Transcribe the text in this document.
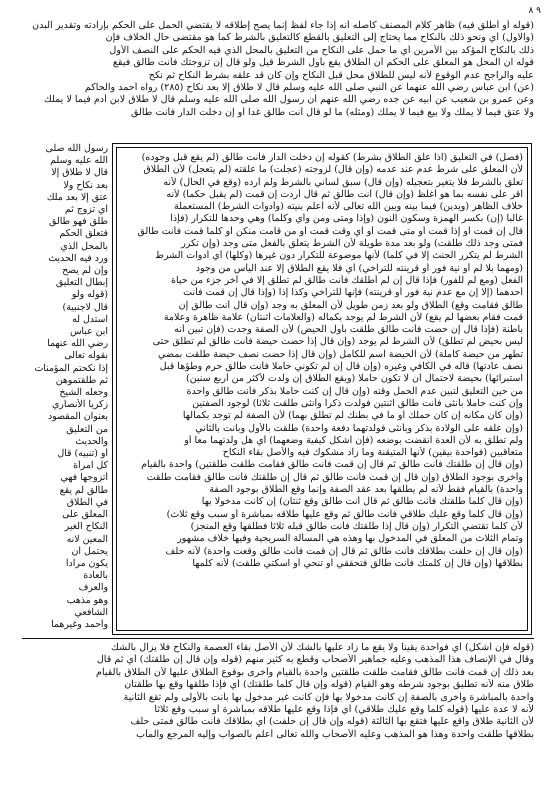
٩ ٨
(قوله أو أطلق فيه) ظاهر كلام المصنف كأصله أنه إذا جاء لفظ إنما يصح إطلاقه لا يقتضي الحمل على الحكم بإرادته وتقدير البدن
(والاول) أي ونحو ذلك بالنكاح مما يحتاج إلى التعليق بالقطع كالتعليق بالشرط كما هو مقتضى حال الخلاف فإن
ذلك بالنكاح المؤكد بين الأمرين أي ما حمل على النكاح من التعليق بالمحل الذي فيه الحكم على النصف الأول
قوله ان المحل هو المعلق على الحكم أن الطلاق يقع بأول الشرط قيل ولو قال إن تزوجتك فأنت طالق فيقع
عليه والراجح عدم الوقوع لأنه ليس للطلاق محل قبل النكاح وإن كان قد علقه بشرط النكاح ثم نكح
(عن) ابن عباس رضي الله عنهما عن النبي صلى الله عليه وسلم قال لا طلاق إلا بعد نكاح (٢٨٥) رواه أحمد والحاكم
وعن عمرو بن شعيب عن أبيه عن جده رضي الله عنهم أن رسول الله صلى الله عليه وسلم قال لا طلاق لابن آدم فيما لا يملك
ولا عتق فيما لا يملك ولا بيع فيما لا يملك (ومثله) ما لو قال أنت طالق غدا أو إن دخلت الدار فأنت طالق
رسول الله صلى
الله عليه وسلم
قال لا طلاق إلا
بعد نكاح ولا
عتق إلا بعد ملك
أي تزوج ثم
طلق فهو طالق
فتعلق الحكم
بالمحل الذي
ورد فيه الحديث
وإن لم يصح
إبطال التعليق
(قوله ولو
قال لاجنبية)
استدل له
ابن عباس
رضي الله عنهما
بقوله تعالى
إذا نكحتم المؤمنات
ثم طلقتموهن
وجعله الشيخ
زكريا الأنصاري
بعنوان المقصود
من التعليق
والحديث
أو (تنبيه) قال
كل امرأة
أتزوجها فهي
طالق لم يقع
في الطلاق
المعلق على
النكاح الغير
المعين لانه
يحتمل أن
يكون مرادا
بالعادة
والعرف
وهو مذهب
الشافعي
وأحمد وغيرهما
(فصل) في التعليق (اذا علق الطلاق بشرط) كقوله إن دخلت الدار فأنت طالق (لم يقع قبل وجوده)
لأن المعلق على شرط عدم عند عدمه (وإن قال) لزوجته (عجلت) ما علقته (لم يتعجل) لأن الطلاق
تعلق بالشرط فلا يتغير بتعجيله (وإن قال) سبق لساني بالشرط ولم أرده (وقع في الحال) لأنه
أقر على نفسه بما هو أغلظ (وإن قال) أنت طالق ثم قال أردت إن قمت (لم يقبل حكما) لأنه
خلاف الظاهر (ويدين) فيما بينه وبين الله تعالى لأنه أعلم بنيته (وأدوات الشرط) المستعملة
غالبا (إن) بكسر الهمزة وسكون النون (وإذا ومتى ومن وأي وكلما) وهي وحدها للتكرار (فإذا
قال إن قمت أو إذا قمت أو متى قمت أو أي وقت قمت أو من قامت منكن أو كلما قمت فأنت طالق
فمتى وجد ذلك طلقت) ولو بعد مدة طويلة لأن الشرط يتعلق بالفعل متى وجد (وإن تكرر
الشرط لم يتكرر الحنث إلا في كلما) لأنها موضوعة للتكرار دون غيرها (وكلها) أي أدوات الشرط
(ومهما بلا لم أو نية فور أو قرينته للتراخي) أي فلا يقع الطلاق إلا عند اليأس من وجود
الفعل (ومع لم للفور) فإذا قال إن لم أطلقك فأنت طالق لم تطلق إلا في آخر جزء من حياة
أحدهما (إلا إن مع عدم نية فور أو قرينته) فإنها للتراخي وكذا إذا (وإذا قال إن قمت فأنت
طالق فقامت وقع) الطلاق ولو بعد زمن طويل لأن المعلق به وجد (وإن قال أنت طالق إن
قمت فقام بعضها لم يقع) لأن الشرط لم يوجد بكماله (والعلامات اثنتان) علامة ظاهرة وعلامة
باطنة (فإذا قال إن حضت فأنت طالق طلقت بأول الحيض) لأن الصفة وجدت (فإن تبين أنه
ليس بحيض لم تطلق) لأن الشرط لم يوجد (وإن قال إذا حضت حيضة فأنت طالق لم تطلق حتى
تطهر من حيضة كاملة) لأن الحيضة اسم للكامل (وإن قال إذا حضت نصف حيضة طلقت بمضي
نصف عادتها) قاله في الكافي وغيره (وإن قال إن لم تكوني حاملا فأنت طالق حرم وطؤها قبل
استبرائها) بحيضة لاحتمال أن لا تكون حاملا (ويقع الطلاق إن ولدت لأكثر من أربع سنين)
من حين التعليق لتبين عدم الحمل وقته (وإن قال إن كنت حاملا بذكر فأنت طالق واحدة
وإن كنت حاملا بأنثى فأنت طالق اثنتين فولدت ذكرا وأنثى طلقت ثلاثا) لوجود الصفتين
(وإن كان مكانه إن كان حملك أو ما في بطنك لم تطلق بهما) لأن الصفة لم توجد بكمالها
(وإن علقه على الولادة بذكر وبأنثى فولدتهما دفعة واحدة) طلقت بالأول وبانت بالثاني
ولم تطلق به لأن العدة انقضت بوضعه (فإن أشكل كيفية وضعهما) أي هل ولدتهما معا أو
متعاقبين (فواحدة بيقين) لأنها المتيقنة وما زاد مشكوك فيه والأصل بقاء النكاح
(وإن قال إن طلقتك فأنت طالق ثم قال إن قمت فأنت طالق فقامت طلقت طلقتين) واحدة بالقيام
وأخرى بوجود الطلاق (وإن قال إن قمت فأنت طالق ثم قال إن طلقتك فأنت طالق فقامت طلقت
واحدة) بالقيام فقط لأنه لم يطلقها بعد عقد الصفة وإنما وقع الطلاق بوجود الصفة
(وإن قال كلما طلقتك فأنت طالق ثم قال أنت طالق وقع ثنتان) إن كانت مدخولا بها
(وإن قال كلما وقع عليك طلاقي فأنت طالق ثم وقع عليها طلاقه بمباشرة أو سبب وقع ثلاث)
لأن كلما تقتضي التكرار (وإن قال إذا طلقتك فأنت طالق قبله ثلاثا فطلقها وقع المنجز)
وتمام الثلاث من المعلق في المدخول بها وهذه هي المسألة السريجية وفيها خلاف مشهور
(وإن قال إن حلفت بطلاقك فأنت طالق ثم قال إن قمت فأنت طالق وقعت واحدة) لأنه حلف
بطلاقها (وإن قال إن كلمتك فأنت طالق فتحققي أو تنحي أو اسكتي طلقت) لأنه كلمها
(قوله فإن أشكل) أي فواحدة يقينا ولا يقع ما زاد عليها بالشك لأن الأصل بقاء العصمة والنكاح فلا يزال بالشك
وقال في الإنصاف هذا المذهب وعليه جماهير الأصحاب وقطع به كثير منهم (قوله وإن قال إن طلقتك) أي ثم قال
بعد ذلك إن قمت فأنت طالق فقامت طلقت طلقتين واحدة بالقيام وأخرى بوقوع الطلاق عليها لأن الطلاق بالقيام
طلاق منه لأنه تطليق بوجود شرطه وهو القيام (قوله وإن قال كلما طلقتك) أي فإذا طلقها وقع بها طلقتان
واحدة بالمباشرة وأخرى بالصفة إن كانت مدخولا بها فإن كانت غير مدخول بها بانت بالأولى ولم تقع الثانية
لأنه لا عدة عليها (قوله كلما وقع عليك طلاقي) أي فإذا وقع عليها طلاقه بمباشرة أو سبب وقع ثلاثا
لأن الثانية طلاق واقع عليها فتقع بها الثالثة (قوله وإن قال إن حلفت) أي بطلاقك فأنت طالق فمتى حلف
بطلاقها طلقت واحدة وهذا هو المذهب وعليه الأصحاب والله تعالى أعلم بالصواب وإليه المرجع والمآب
